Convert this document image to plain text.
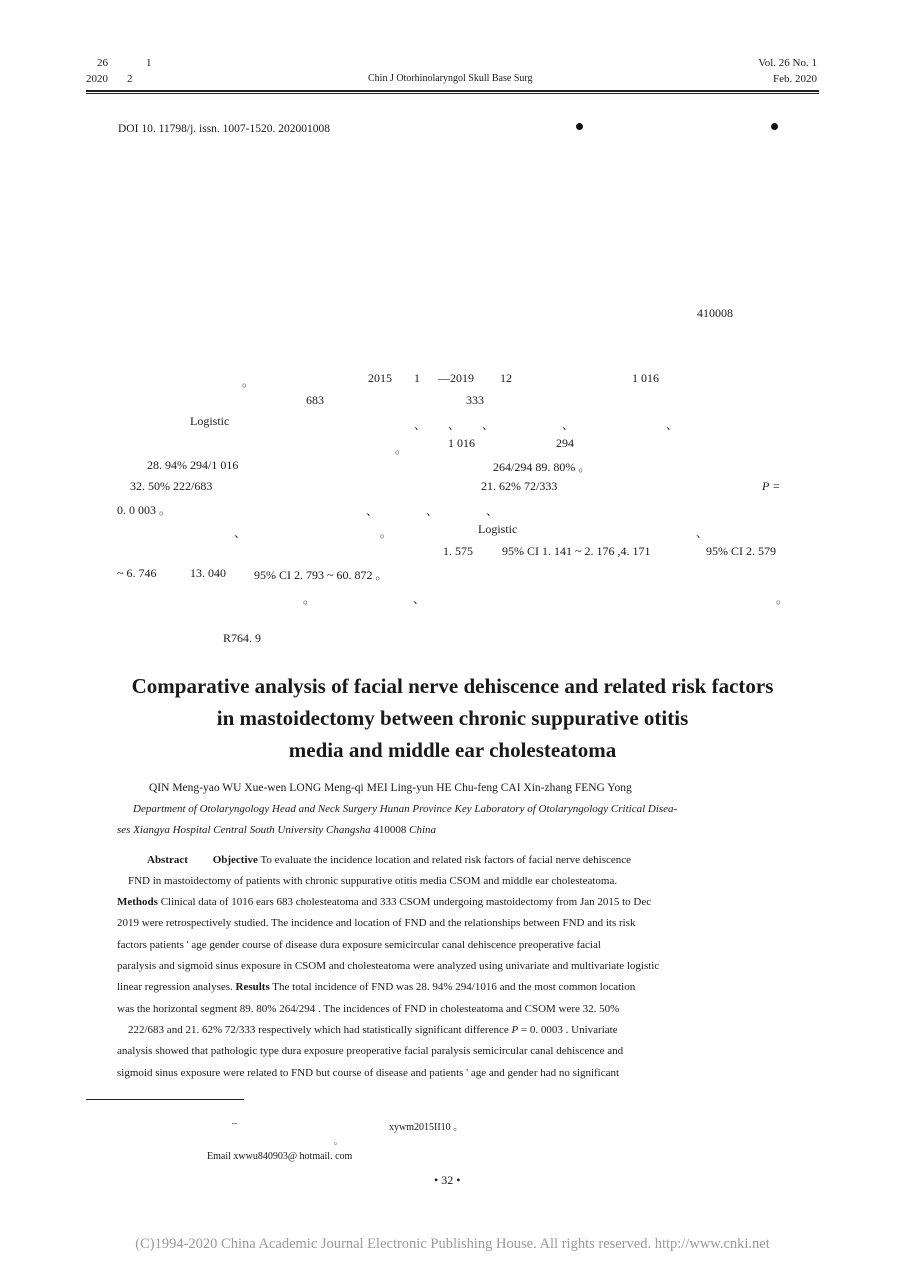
26	1
2020 2	Chin J Otorhinolaryngol Skull Base Surg
Vol. 26 No. 1
Feb. 2020
DOI 10. 11798/j. issn. 1007-1520. 202001008
410008
。	2015 1 —2019 12	1 016
683	333
Logistic	、 、 、	、	、
。	1 016	294
28. 94% 294/1 016	264/294 89. 80% 。
32. 50% 222/683	21. 62% 72/333	P =
0. 0 003 。	、	、	、
、	。	Logistic	、
1. 575 95% CI 1. 141 ~ 2. 176 ,4. 171	95% CI 2. 579
~ 6. 746	13. 040 95% CI 2. 793 ~ 60. 872 。
。	、	。
R764. 9
Comparative analysis of facial nerve dehiscence and related risk factors
in mastoidectomy between chronic suppurative otitis
media and middle ear cholesteatoma
QIN Meng-yao WU Xue-wen LONG Meng-qi MEI Ling-yun HE Chu-feng CAI Xin-zhang FENG Yong
Department of Otolaryngology Head and Neck Surgery Hunan Province Key Laboratory of Otolaryngology Critical Disea-
ses Xiangya Hospital Central South University Changsha 410008 China
Abstract Objective To evaluate the incidence location and related risk factors of facial nerve dehiscence
FND in mastoidectomy of patients with chronic suppurative otitis media CSOM and middle ear cholesteatoma.
Methods Clinical data of 1016 ears 683 cholesteatoma and 333 CSOM undergoing mastoidectomy from Jan 2015 to Dec
2019 were retrospectively studied. The incidence and location of FND and the relationships between FND and its risk
factors patients ' age gender course of disease dura exposure semicircular canal dehiscence preoperative facial
paralysis and sigmoid sinus exposure in CSOM and cholesteatoma were analyzed using univariate and multivariate logistic
linear regression analyses. Results The total incidence of FND was 28. 94% 294/1016 and the most common location
was the horizontal segment 89. 80% 264/294 . The incidences of FND in cholesteatoma and CSOM were 32. 50%
222/683 and 21. 62% 72/333 respectively which had statistically significant difference P = 0. 0003 . Univariate
analysis showed that pathologic type dura exposure preoperative facial paralysis semicircular canal dehiscence and
sigmoid sinus exposure were related to FND but course of disease and patients ' age and gender had no significant
–	xywm2015II10 。
。
Email xwwu840903@ hotmail. com
• 32 •
(C)1994-2020 China Academic Journal Electronic Publishing House. All rights reserved. http://www.cnki.net
